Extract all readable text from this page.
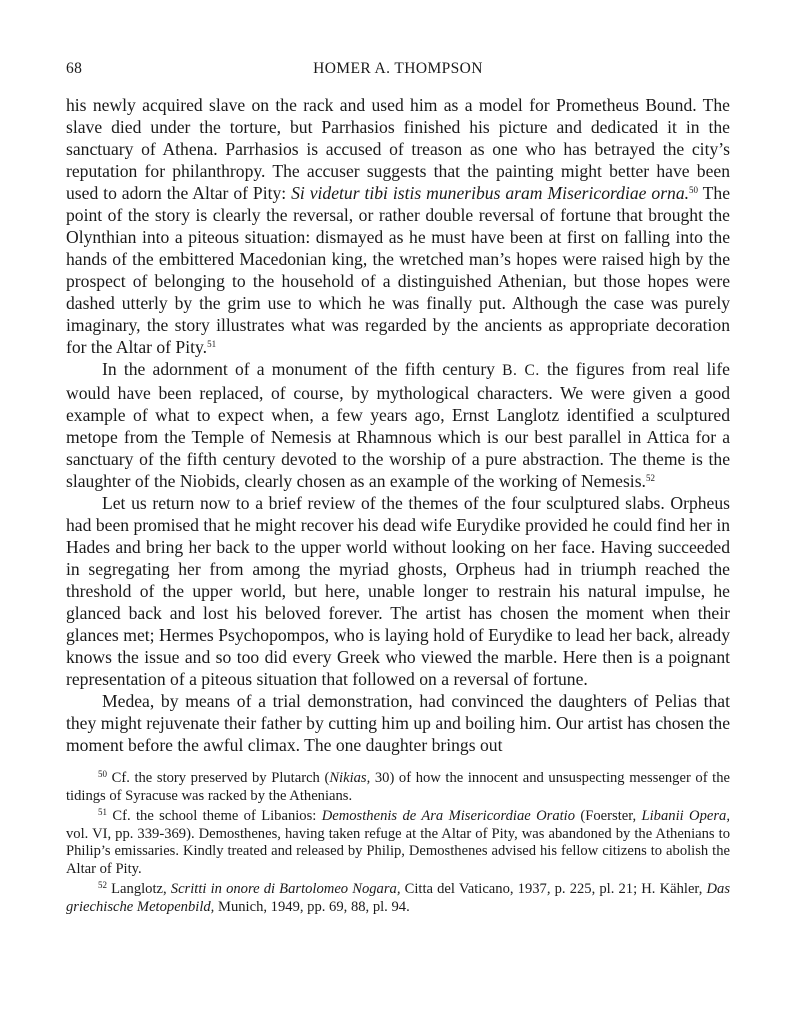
68	HOMER A. THOMPSON

his newly acquired slave on the rack and used him as a model for Prometheus Bound. The slave died under the torture, but Parrhasios finished his picture and dedicated it in the sanctuary of Athena. Parrhasios is accused of treason as one who has betrayed the city’s reputation for philanthropy. The accuser suggests that the painting might better have been used to adorn the Altar of Pity: Si videtur tibi istis muneribus aram Misericordiae orna.$^{50}$ The point of the story is clearly the reversal, or rather double reversal of fortune that brought the Olynthian into a piteous situation: dismayed as he must have been at first on falling into the hands of the embittered Macedonian king, the wretched man’s hopes were raised high by the prospect of belonging to the household of a distinguished Athenian, but those hopes were dashed utterly by the grim use to which he was finally put. Although the case was purely imaginary, the story illustrates what was regarded by the ancients as appropriate decoration for the Altar of Pity.$^{51}$

In the adornment of a monument of the fifth century B. C. the figures from real life would have been replaced, of course, by mythological characters. We were given a good example of what to expect when, a few years ago, Ernst Langlotz identified a sculptured metope from the Temple of Nemesis at Rhamnous which is our best parallel in Attica for a sanctuary of the fifth century devoted to the worship of a pure abstraction. The theme is the slaughter of the Niobids, clearly chosen as an example of the working of Nemesis.$^{52}$

Let us return now to a brief review of the themes of the four sculptured slabs. Orpheus had been promised that he might recover his dead wife Eurydike provided he could find her in Hades and bring her back to the upper world without looking on her face. Having succeeded in segregating her from among the myriad ghosts, Orpheus had in triumph reached the threshold of the upper world, but here, unable longer to restrain his natural impulse, he glanced back and lost his beloved forever. The artist has chosen the moment when their glances met; Hermes Psychopompos, who is laying hold of Eurydike to lead her back, already knows the issue and so too did every Greek who viewed the marble. Here then is a poignant representation of a piteous situation that followed on a reversal of fortune.

Medea, by means of a trial demonstration, had convinced the daughters of Pelias that they might rejuvenate their father by cutting him up and boiling him. Our artist has chosen the moment before the awful climax. The one daughter brings out

$^{50}$ Cf. the story preserved by Plutarch (Nikias, 30) of how the innocent and unsuspecting messenger of the tidings of Syracuse was racked by the Athenians.

$^{51}$ Cf. the school theme of Libanios: Demosthenis de Ara Misericordiae Oratio (Foerster, Libanii Opera, vol. VI, pp. 339-369). Demosthenes, having taken refuge at the Altar of Pity, was abandoned by the Athenians to Philip’s emissaries. Kindly treated and released by Philip, Demosthenes advised his fellow citizens to abolish the Altar of Pity.

$^{52}$ Langlotz, Scritti in onore di Bartolomeo Nogara, Citta del Vaticano, 1937, p. 225, pl. 21; H. Kähler, Das griechische Metopenbild, Munich, 1949, pp. 69, 88, pl. 94.
